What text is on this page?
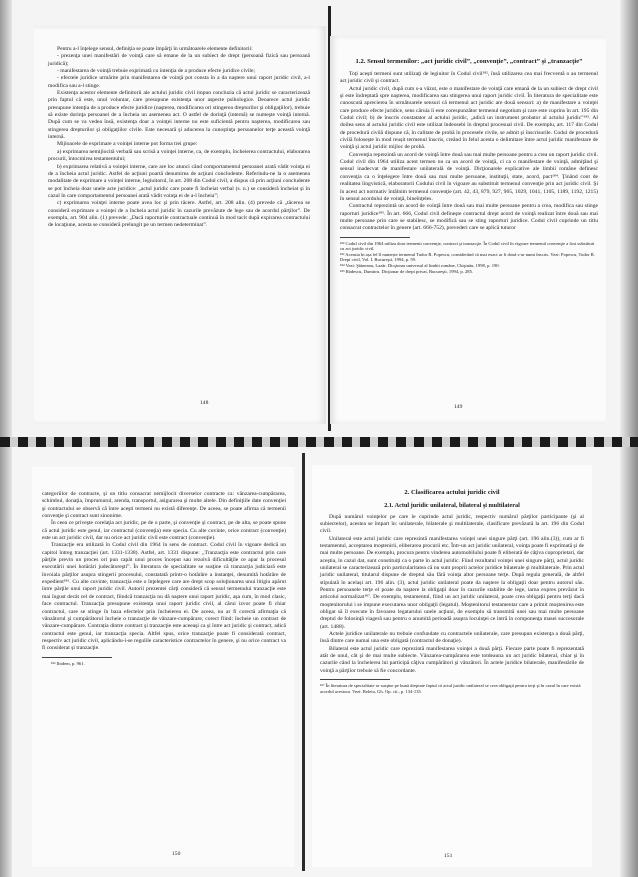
Pentru a-l înţelege sensul, definiţia se poate împărţi în următoarele elemente definitorii:

- prezenţa unei manifestări de voinţă care să emane de la un subiect de drept (persoană fizică sau persoană juridică);

- manifestarea de voinţă trebuie exprimată cu intenţia de a produce efecte juridice civile;

- efectele juridice urmărite prin manifestarea de voinţă pot consta în a da naştere unui raport juridic civil, a-l modifica sau a-l stinge.

Existenţa acestor elemente definitorii ale actului juridic civil impun concluzia că actul juridic se caracterizează prin faptul că este, unul voluntar, care presupune existenţa unor aspecte psihologice. Deoarece actul juridic presupune intenţia de a produce efecte juridice (naşterea, modificarea ori stingerea drepturilor şi obligaţiilor), trebuie să existe dorinţa persoanei de a încheia un asemenea act. O astfel de dorinţă (internă) se numeşte voinţă internă. După cum se va vedea însă, existenţa doar a voinţei interne nu este suficientă pentru naşterea, modificarea sau stingerea drepturilor şi obligaţiilor civile. Este necesară şi aducerea la cunoştinţa persoanelor terţe această voinţă internă.

Mijloacele de exprimare a voinţei interne pot forma trei grupe:

a) exprimarea nemijlocită verbală sau scrisă a voinţei interne, ca, de exemplu, încheierea contractului, elaborarea procurii, întocmirea testamentului;

b) exprimarea relativă a voinţei interne, care are loc atunci când comportamentul persoanei arată vădit voinţa ei de a încheia actul juridic. Astfel de acţiuni poartă denumirea de acţiuni concludente. Referindu-ne la o asemenea modalitate de exprimare a voinţei interne, legiuitorul, în art. 208 din Codul civil, a dispus că prin acţiuni concludente se pot încheia doar unele acte juridice: „actul juridic care poate fi încheiat verbal (s. n.) se consideră încheiat şi în cazul în care comportamentul persoanei arată vădit voinţa ei de a-l încheia”;

c) exprimarea voinţei interne poate avea loc şi prin tăcere. Astfel, art. 208 alin. (4) prevede că „tăcerea se consideră exprimare a voinţei de a încheia actul juridic în cazurile prevăzute de lege sau de acordul părţilor”. De exemplu, art. 904 alin. (1) prevede: „Dacă raporturile contractuale continuă în mod tacit după expirarea contractului de locaţiune, acesta se consideră prelungit pe un termen nedeterminat”.

148
1.2. Sensul termenilor: „act juridic civil”, „convenţie”, „contract” şi „tranzacţie”

Toţi aceşti termeni sunt utilizaţi de legiuitor în Codul civil¹⁸², însă utilizarea cea mai frecventă o au termenul act juridic civil şi contract.

Actul juridic civil, după cum s-a văzut, este o manifestare de voinţă care emană de la un subiect de drept civil şi este îndreptată spre naşterea, modificarea sau stingerea unui raport juridic civil. În literatura de specialitate este cunoscută aprecierea în următoarele sensuri că termenul act juridic are două sensuri: a) de manifestare a voinţei care produce efecte juridice, sens căruia îi este corespunzător termenul negotium şi care este cuprins în art. 195 din Codul civil; b) de înscris constatator al actului juridic, „adică un instrument probator al actului juridic”¹⁸³. Al doilea sens al actului juridic civil este utilizat îndeosebi în dreptul procesual civil. De exemplu, art. 117 din Codul de procedură civilă dispune că, în calitate de probă în procesele civile, se admit şi înscrisurile. Codul de procedură civilă folosește în mod reușit termenul înscris, creând în felul acesta o delimitare între actul juridic manifestare de voinţă şi actul juridic mijloc de probă.

Convenţia reprezintă un acord de voinţă între două sau mai multe persoane pentru a crea un raport juridic civil. Codul civil din 1964 utiliza acest termen nu ca un acord de voinţă, ci ca o manifestare de voinţă, admiţând şi sensul inadecvat de manifestare unilaterală de voinţă. Dicţionarele explicative ale limbii române definesc convenţia ca o înţelegere între două sau mai multe persoane, instituţii, state, acord, pact¹⁸⁴. Ţinând cont de realitatea lingvistică, elaboratorii Codului civil în vigoare au substituit termenul convenţie prin act juridic civil. Şi în acest act normativ întâlnim termenul convenţie (art. 42, 43, 879, 927, 965, 1029, 1041, 1105, 1189, 1192, 1215) în sensul acordului de voinţă, bineînţeles.

Contractul reprezintă un acord de voinţă între două sau mai multe persoane pentru a crea, modifica sau stinge raporturi juridice¹⁸⁵. În art. 666, Codul civil defineşte contractul drept acord de voinţă realizat între două sau mai multe persoane prin care se stabilesc, se modifică sau se sting raporturi juridice. Codul civil cuprinde un titlu consacrat contractelor în genere (art. 666-752), prevederi care se aplică tuturor

¹⁸² Codul civil din 1964 utiliza doar termenii convenţie, contract şi tranzacţie. În Codul civil în vigoare termenul convenţie a fost substituit cu act juridic civil.

¹⁸³ Aceasta în așa fel îl numește termenul Tudor R. Popescu, considerând că mai exact ar fi două s-ar numi înscris. Vezi: Popescu, Tudor R. Drept civil, Vol. I, Bucureşti, 1994, p. 59.

¹⁸⁴ Vezi: Şăineanu, Lazăr. Dicţionar universal al limbii române, Chişinău, 1998, p. 190.

¹⁸⁵ Rădescu, Dumitru. Dicţionar de drept privat, Bucureşti, 1994, p. 285.

149

categoriilor de contracte, şi un titlu consacrat nemijlocit diverselor contracte ca: vânzarea-cumpărarea, schimbul, donaţia, împrumutul, arenda, transportul, asigurarea şi multe altele. Din definiţiile date convenţiei şi contractului se observă că între aceşti termeni nu există diferenţe. De aceea, se poate afirma că termenii convenţie şi contract sunt sinonime.

În ceea ce priveşte corelaţia act juridic, pe de o parte, şi convenţie şi contract, pe de alta, se poate spune că actul juridic este genul, iar contractul (convenţia) este specia. Cu alte cuvinte, orice contract (convenţie) este un act juridic civil, dar nu orice act juridic civil este contract (convenţie).

Tranzacţie era utilizată în Codul civil din 1964 în sens de contract. Codul civil în vigoare dedică un capitol întreg tranzacţiei (art. 1331-1338). Astfel, art. 1331 dispune: „Tranzacţia este contractul prin care părţile previn un proces ori pun capăt unui proces început sau rezolvă dificultăţile ce apar la procesul executării unei hotărâri judecătoreşti”. În literatura de specialitate se susţine că tranzacţia judiciară este învoiala părţilor asupra stingerii procesului, constatată printr-o hotărâre a instanţei, denumită hotărâre de expedient¹⁸⁶. Cu alte cuvinte, tranzacţia este o înţelegere care are drept scop soluţionarea unui litigiu apărut între părţile unui raport juridic civil. Autorii prezentei cărţi consideră că sensul termenului tranzacţie este mai îngust decât cel de contract, fiindcă tranzacţia nu dă naştere unui raport juridic, aşa cum, în mod clasic, face contractul. Tranzacţia presupune existenţa unui raport juridic civil, al cărui izvor poate fi chiar contractul, care se stinge în baza efectelor prin încheierea ei. De aceea, nu ar fi corectă afirmaţia că vânzătorul şi cumpărătorul încheie o tranzacţie de vânzare-cumpărare, corect fiind: încheie un contract de vânzare-cumpărare. Contrația dintre contract şi tranzacţie este aceeaşi ca şi între act juridic şi contract, adică contractul este genul, iar tranzacţia specia. Altfel spus, orice tranzacţie poate fi considerată contract, respectiv act juridic civil, aplicându-i-se regulile caracteristice contractelor în genere, şi nu orice contract va fi considerat şi tranzacţie.

¹⁸⁶ Ibidem, p. 961.

150
2. Clasificarea actului juridic civil
2.1. Actul juridic unilateral, bilateral şi multilateral

După numărul voinţelor pe care le cuprinde actul juridic, respectiv numărul părţilor participante (şi al subiectelor), acestea se împart în: unilaterale, bilaterale şi multilaterale, clasificare prevăzută la art. 196 din Codul civil.

Unilateral este actul juridic care reprezintă manifestarea voinţei unei singure părţi (art. 196 alin.(3)), cum ar fi testamentul, acceptarea moştenirii, eliberarea procurii etc. Într-un act juridic unilateral, voinţa poate fi exprimată şi de mai multe persoane. De exemplu, procura pentru vinderea automobilului poate fi eliberată de câţiva coproprietari, dar aceştia, în cazul dat, sunt constituiţi ca o parte în actul juridic. Fiind rezultatul voinţei unei singure părţi, actul juridic unilateral se caracterizează prin particularitatea că nu sunt proprii actelor juridice bilaterale şi multilaterale. Prin actul juridic unilateral, titularul dispune de dreptul său fără voinţa altor persoane terţe. După regula generală, de altfel stipulată în același art. 196 alin. (3), actul juridic unilateral poate da naştere la obligaţii doar pentru autorul său. Pentru persoanele terţe el poate da naştere la obligaţii doar în cazurile stabilite de lege, iarna expres prevăzut în articolul normalizat¹⁸⁷. De exemplu, testamentul, fiind un act juridic unilateral, poate crea obligaţii pentru terţi dacă moştenitorului i se impune executarea unor obligaţii (legatul). Moştenitorul testamentar care a primit moştenirea este obligat să îl execute în favoarea legatarului unele acţiuni, de exemplu să transmită unei sau mai multe persoane dreptul de folosinţă viageră sau pentru o anumită perioadă asupra locuinţei ce intră în componenţa masei succesorale (art. 1488).

Actele juridice unilaterale nu trebuie confundate cu contractele unilaterale, care presupun existenţa a două părţi, însă dintre care numai una este obligată (contractul de donaţie).

Bilateral este actul juridic care reprezintă manifestarea voinţei a două părţi. Fiecare parte poate fi reprezentată atât de unul, cât şi de mai multe subiecte. Vânzarea-cumpărarea este totdeauna un act juridic bilateral, chiar şi în cazurile când la încheierea lui participă câţiva cumpărători şi vânzători. În actele juridice bilaterale, manifestările de voinţă a părţilor trebuie să fie concordante.

¹⁸⁷ În literatura de specialitate se susţine pe bună dreptate faptul că actul juridic unilateral se crea obligaţii pentru terţi şi în cazul în care există acordul acestora. Vezi: Beleiu, Gh. Op. cit., p. 134-135.

151
